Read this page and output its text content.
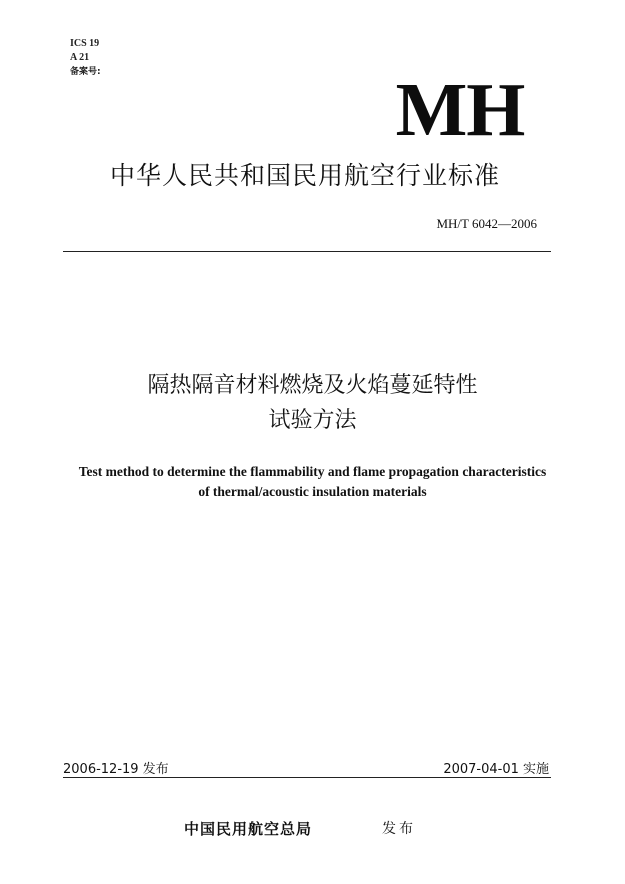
ICS 19
A 21
备案号:	MH
中华人民共和国民用航空行业标准
MH/T 6042—2006
隔热隔音材料燃烧及火焰蔓延特性
试验方法
Test method to determine the flammability and flame propagation characteristics
of thermal/acoustic insulation materials
2006-12-19 发布	2007-04-01 实施
中国民用航空总局	发布
